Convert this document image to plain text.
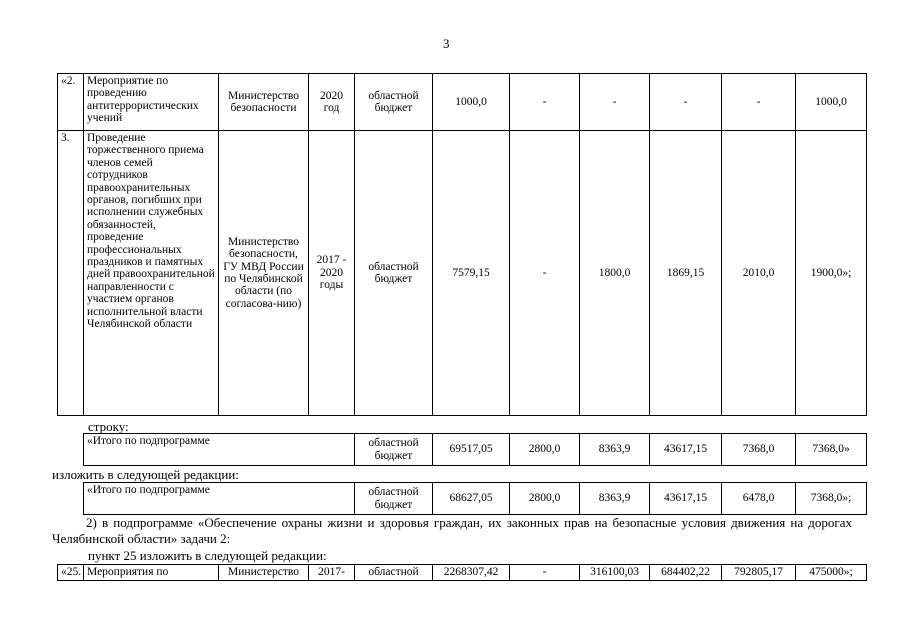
3
«2.	Мероприятие по проведению антитеррористических учений	Министерство безопасности	2020 год	областной бюджет	1000,0	-	-	-	-	1000,0
3.	Проведение торжественного приема членов семей сотрудников правоохранительных органов, погибших при исполнении служебных обязанностей, проведение профессиональных праздников и памятных дней правоохранительной направленности с участием органов исполнительной власти Челябинской области	Министерство безопасности, ГУ МВД России по Челябинской области (по согласова-нию)	2017 - 2020 годы	областной бюджет	7579,15	-	1800,0	1869,15	2010,0	1900,0»;
строку:
«Итого по подпрограмме	областной бюджет	69517,05	2800,0	8363,9	43617,15	7368,0	7368,0»
изложить в следующей редакции:
«Итого по подпрограмме	областной бюджет	68627,05	2800,0	8363,9	43617,15	6478,0	7368,0»;
2) в подпрограмме «Обеспечение охраны жизни и здоровья граждан, их законных прав на безопасные условия движения на дорогах Челябинской области» задачи 2:
пункт 25 изложить в следующей редакции:
«25.	Мероприятия по	Министерство	2017-	областной	2268307,42	-	316100,03	684402,22	792805,17	475000»;
